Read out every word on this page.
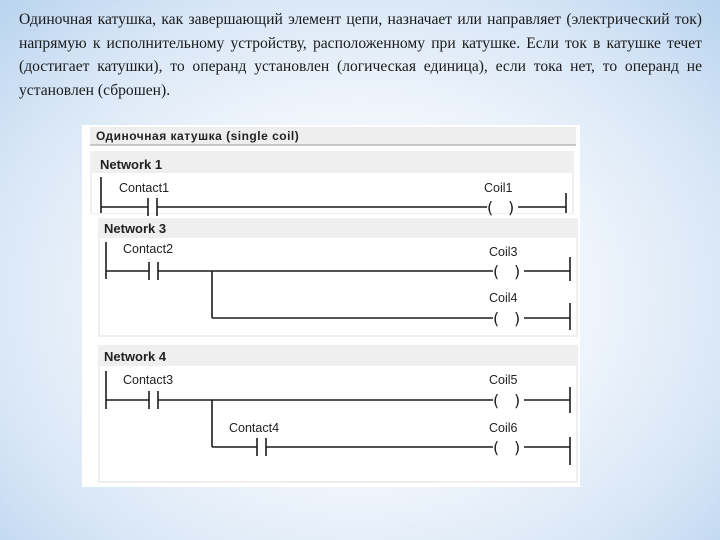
Одиночная катушка, как завершающий элемент цепи, назначает или направляет (электрический ток) напрямую к исполнительному устройству, расположенному при катушке. Если ток в катушке течет (достигает катушки), то операнд установлен (логическая единица), если тока нет, то операнд не установлен (сброшен).

Одиночная катушка (single coil)
Network 1
Contact1	Coil1
( )
Network 3
Contact2	Coil3
( )
Coil4
( )
Network 4
Contact3	Coil5
( )
Contact4	Coil6
( )
